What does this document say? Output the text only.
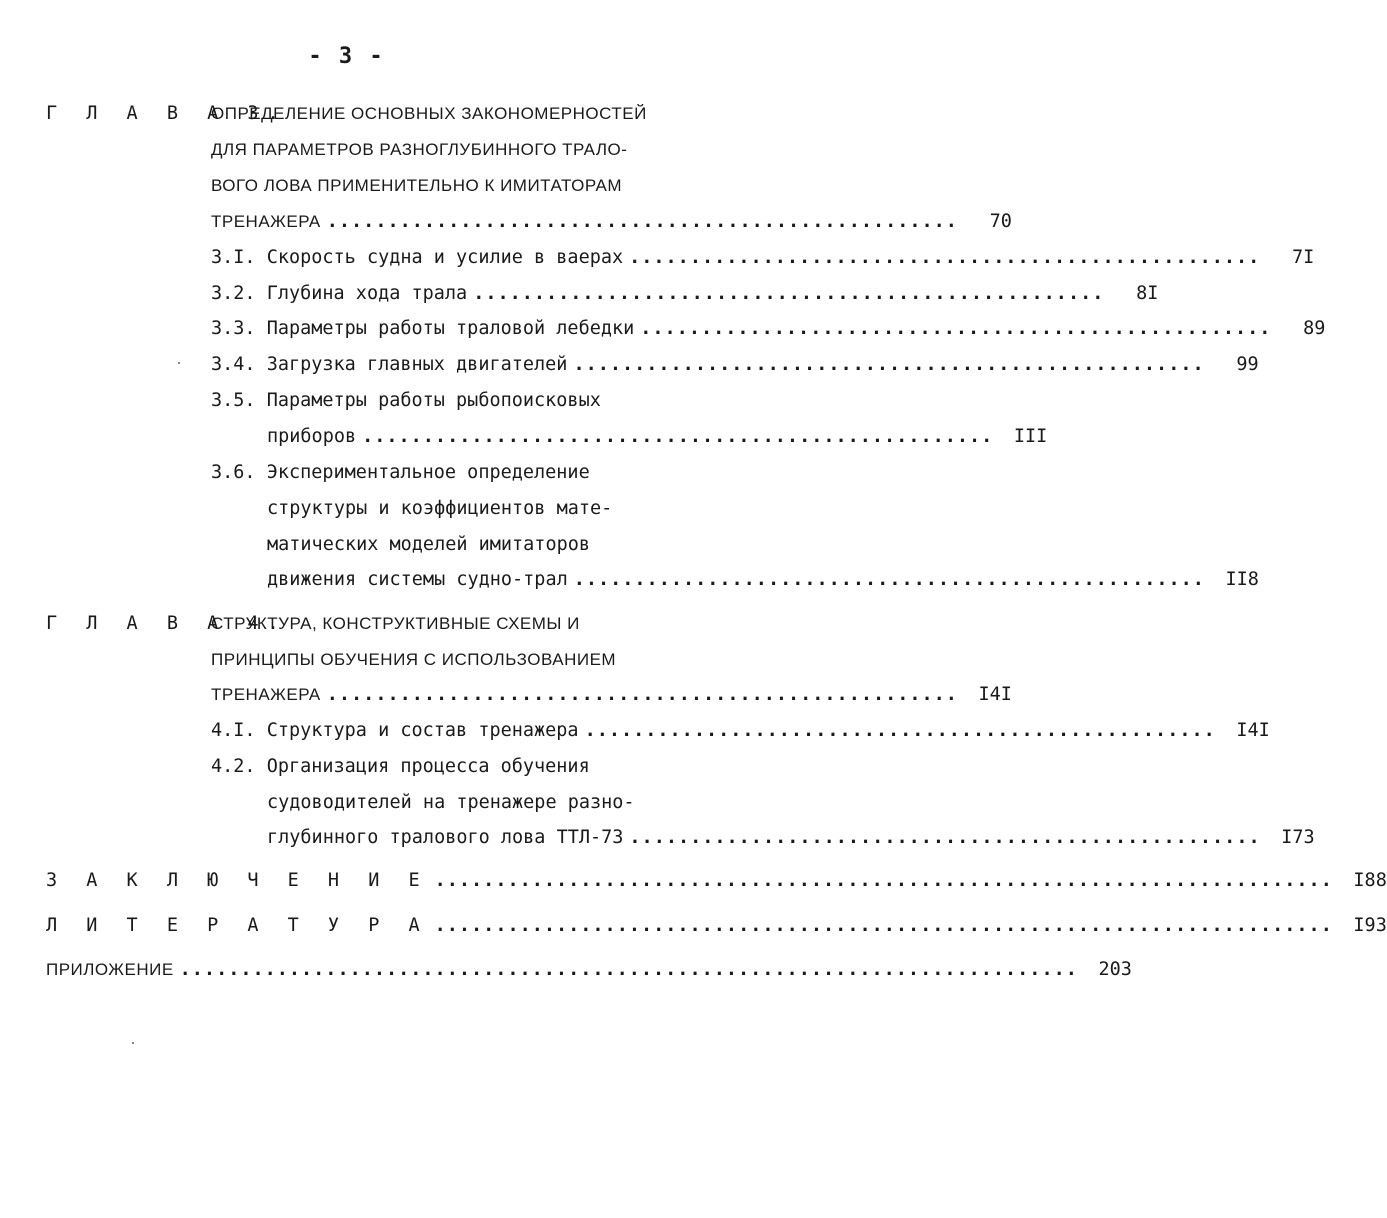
- 3 -
Г Л А В А 3.
ОПРЕДЕЛЕНИЕ ОСНОВНЫХ ЗАКОНОМЕРНОСТЕЙ
ДЛЯ ПАРАМЕТРОВ РАЗНОГЛУБИННОГО ТРАЛО-
ВОГО ЛОВА ПРИМЕНИТЕЛЬНО К ИМИТАТОРАМ
ТРЕНАЖЕРА ....................................................	70
3.I.
Скорость судна и усилие в ваерах ....................................................	7I
3.2.
Глубина хода трала ....................................................	8I
3.3.
Параметры работы траловой лебедки ....................................................	89
3.4.
Загрузка главных двигателей ....................................................	99
3.5.
Параметры работы рыбопоисковых
приборов ....................................................	III
3.6.
Экспериментальное определение
структуры и коэффициентов мате-
матических моделей имитаторов
движения системы судно-трал ....................................................	II8
Г Л А В А 4.
СТРУКТУРА, КОНСТРУКТИВНЫЕ СХЕМЫ И
ПРИНЦИПЫ ОБУЧЕНИЯ С ИСПОЛЬЗОВАНИЕМ
ТРЕНАЖЕРА ....................................................	I4I
4.I.
Структура и состав тренажера ....................................................	I4I
4.2.
Организация процесса обучения
судоводителей на тренажере разно-
глубинного тралового лова ТТЛ-73 ....................................................	I73
З А К Л Ю Ч Е Н И Е ..........................................................................	I88
Л И Т Е Р А Т У Р А ..........................................................................	I93
ПРИЛОЖЕНИЕ ..........................................................................	203
